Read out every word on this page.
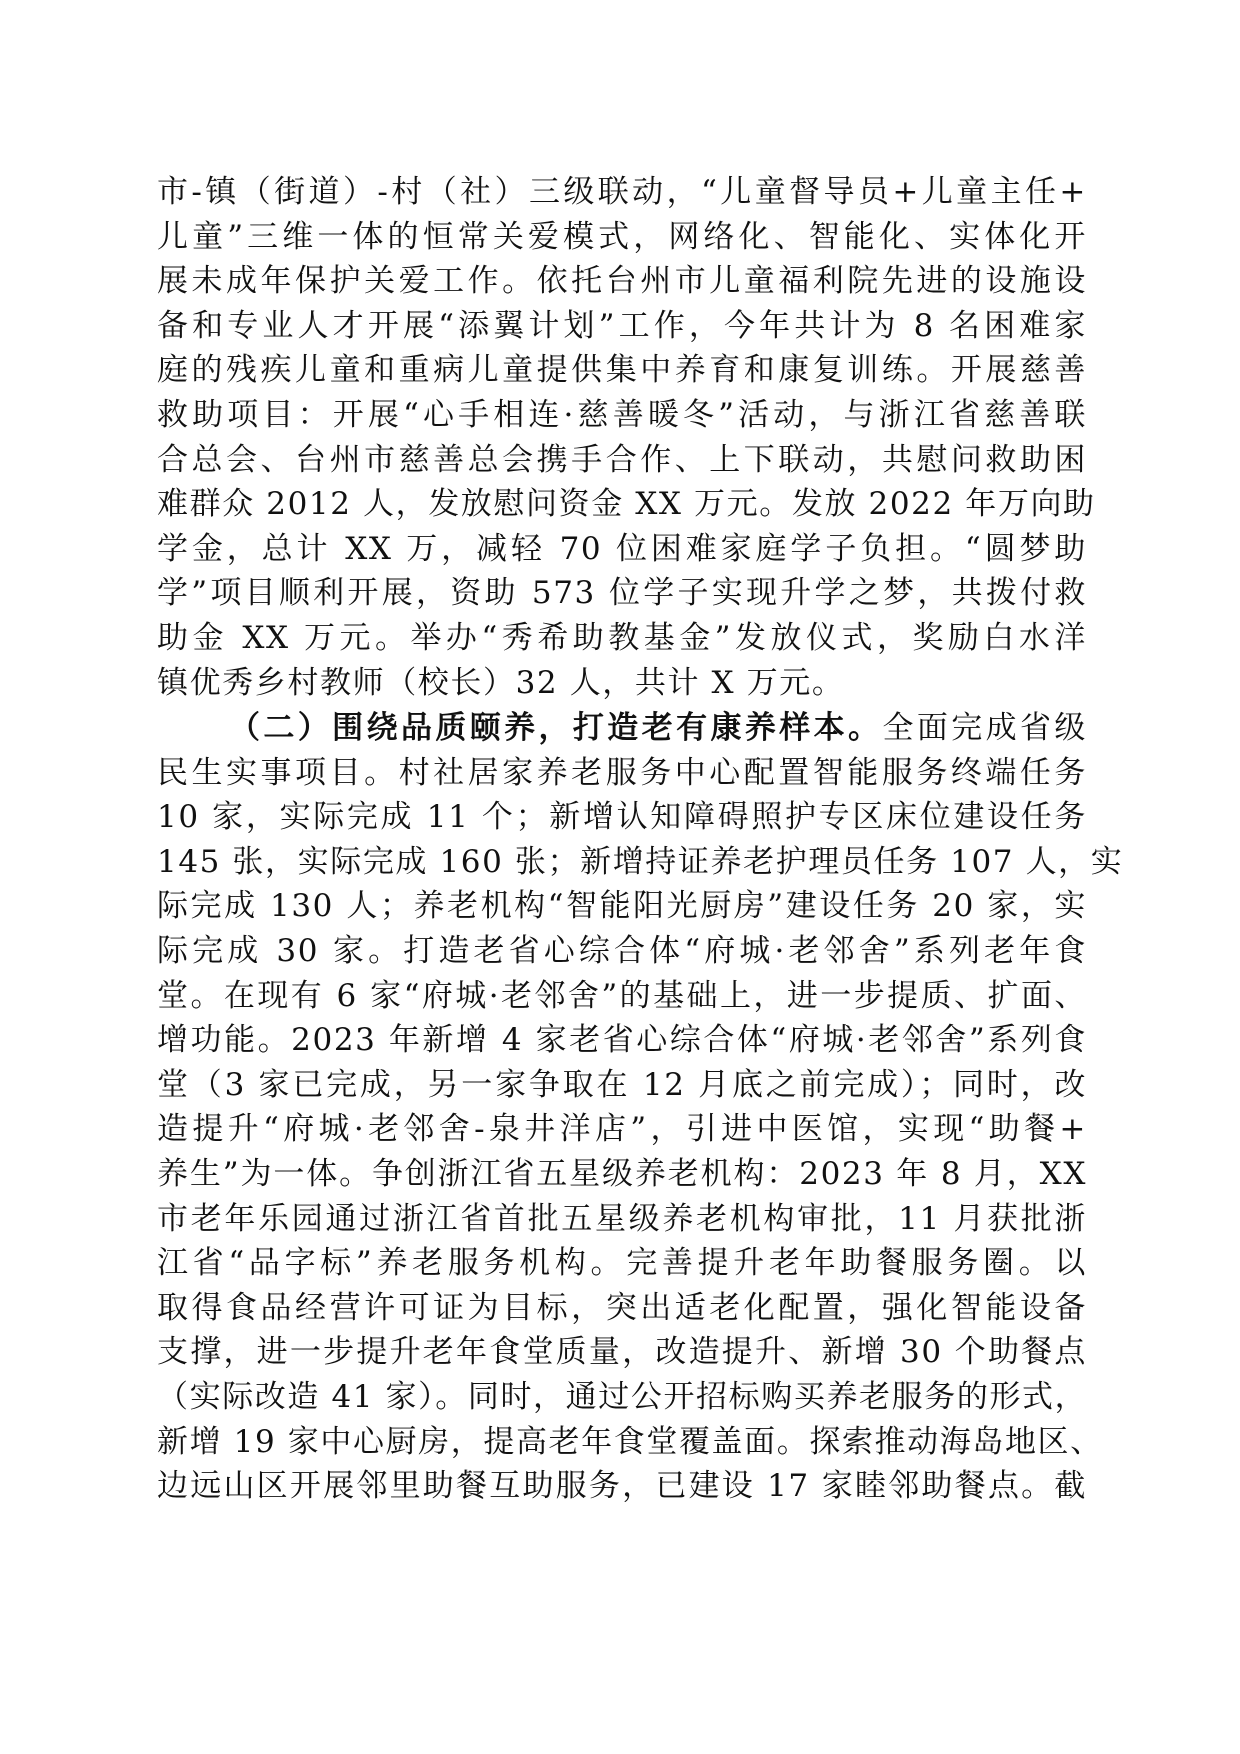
市-镇（街道）-村（社）三级联动，“儿童督导员+儿童主任+
儿童”三维一体的恒常关爱模式，网络化、智能化、实体化开
展未成年保护关爱工作。依托台州市儿童福利院先进的设施设
备和专业人才开展“添翼计划”工作，今年共计为 8 名困难家
庭的残疾儿童和重病儿童提供集中养育和康复训练。开展慈善
救助项目：开展“心手相连·慈善暖冬”活动，与浙江省慈善联
合总会、台州市慈善总会携手合作、上下联动，共慰问救助困
难群众 2012 人，发放慰问资金 XX 万元。发放 2022 年万向助
学金，总计 XX 万，减轻 70 位困难家庭学子负担。“圆梦助
学”项目顺利开展，资助 573 位学子实现升学之梦，共拨付救
助金 XX 万元。举办“秀希助教基金”发放仪式，奖励白水洋
镇优秀乡村教师（校长）32 人，共计 X 万元。
（二）围绕品质颐养，打造老有康养样本。全面完成省级
民生实事项目。村社居家养老服务中心配置智能服务终端任务
10 家，实际完成 11 个；新增认知障碍照护专区床位建设任务
145 张，实际完成 160 张；新增持证养老护理员任务 107 人，实
际完成 130 人；养老机构“智能阳光厨房”建设任务 20 家，实
际完成 30 家。打造老省心综合体“府城·老邻舍”系列老年食
堂。在现有 6 家“府城·老邻舍”的基础上，进一步提质、扩面、
增功能。2023 年新增 4 家老省心综合体“府城·老邻舍”系列食
堂（3 家已完成，另一家争取在 12 月底之前完成）；同时，改
造提升“府城·老邻舍-泉井洋店”，引进中医馆，实现“助餐+
养生”为一体。争创浙江省五星级养老机构：2023 年 8 月，XX
市老年乐园通过浙江省首批五星级养老机构审批，11 月获批浙
江省“品字标”养老服务机构。完善提升老年助餐服务圈。以
取得食品经营许可证为目标，突出适老化配置，强化智能设备
支撑，进一步提升老年食堂质量，改造提升、新增 30 个助餐点
（实际改造 41 家）。同时，通过公开招标购买养老服务的形式，
新增 19 家中心厨房，提高老年食堂覆盖面。探索推动海岛地区、
边远山区开展邻里助餐互助服务，已建设 17 家睦邻助餐点。截
